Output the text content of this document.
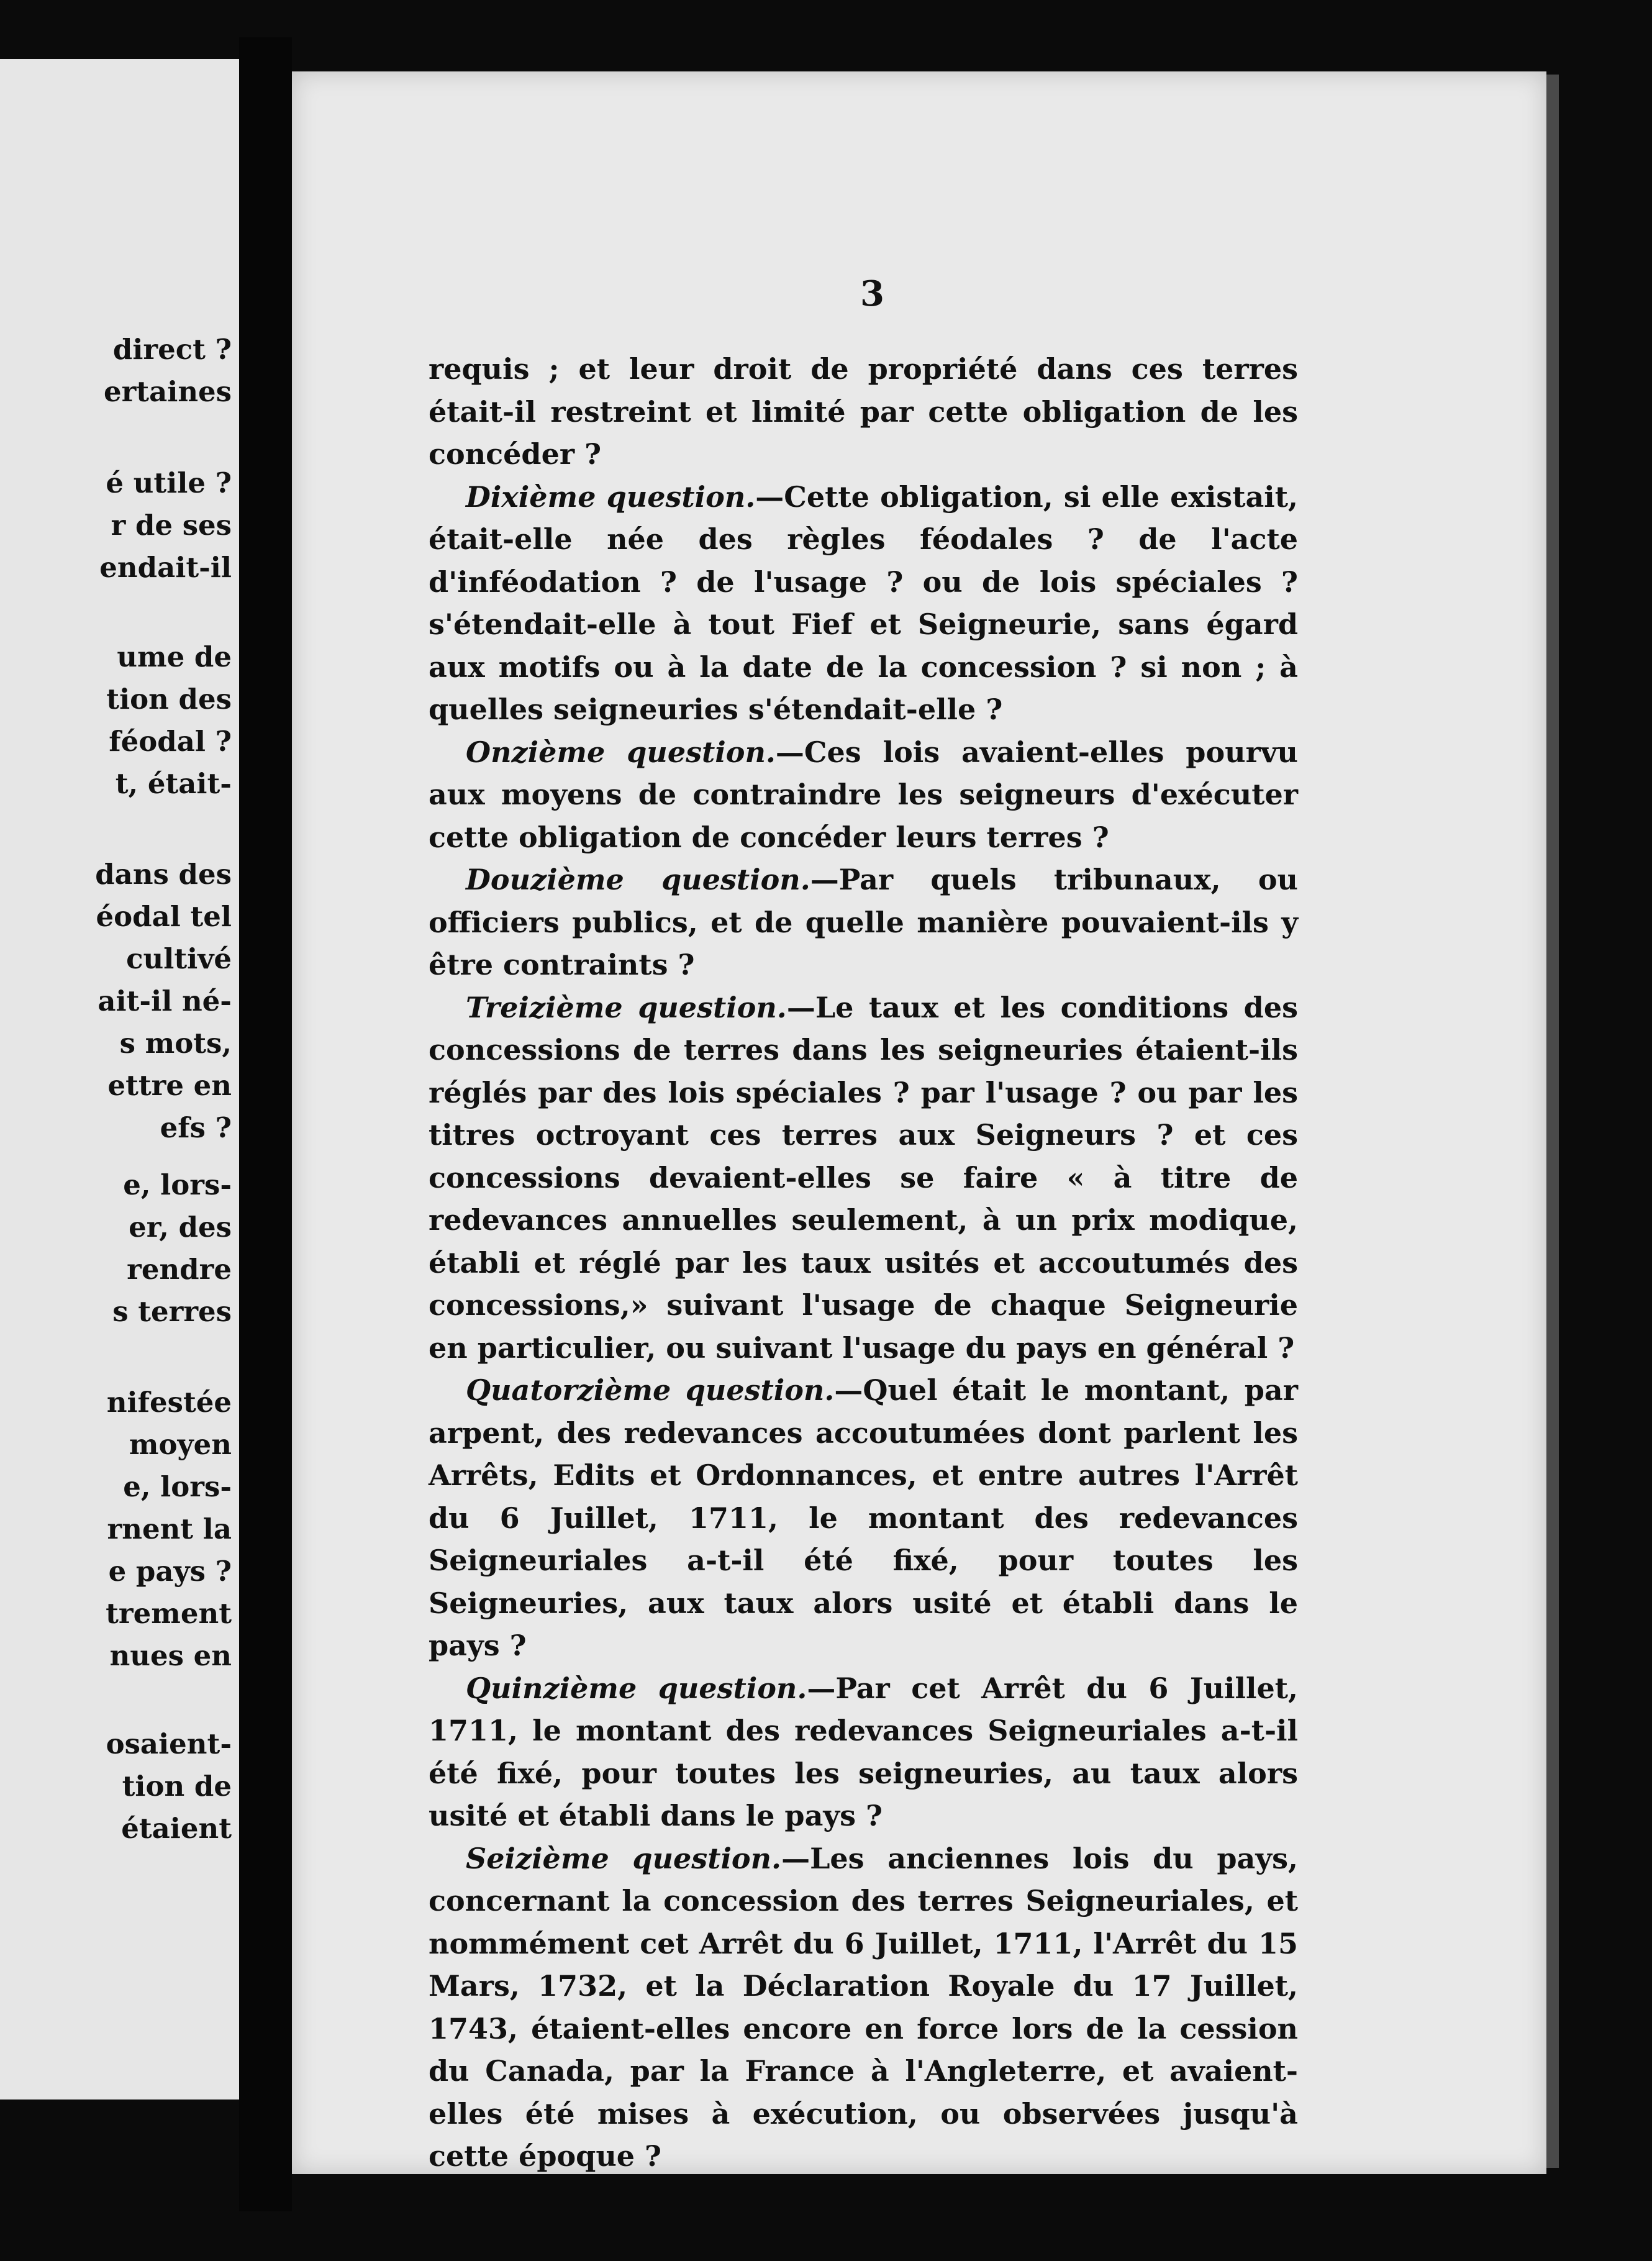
direct ?
ertaines
é utile ?
r de ses
endait-il
ume de
tion des
féodal ?
t, était-
dans des
éodal tel
cultivé
ait-il né-
s mots,
ettre en
efs ?
e, lors-
er, des
rendre
s terres
nifestée
moyen
e, lors-
rnent la
e pays ?
trement
nues en
osaient-
tion de
étaient
3

requis ; et leur droit de propriété dans ces terres était-il restreint et limité par cette obligation de les concéder ?

Dixième question.—Cette obligation, si elle existait, était-elle née des règles féodales ? de l'acte d'inféodation ? de l'usage ? ou de lois spéciales ? s'étendait-elle à tout Fief et Seigneurie, sans égard aux motifs ou à la date de la concession ? si non ; à quelles seigneuries s'étendait-elle ?

Onzième question.—Ces lois avaient-elles pourvu aux moyens de contraindre les seigneurs d'exécuter cette obligation de concéder leurs terres ?

Douzième question.—Par quels tribunaux, ou officiers publics, et de quelle manière pouvaient-ils y être contraints ?

Treizième question.—Le taux et les conditions des concessions de terres dans les seigneuries étaient-ils réglés par des lois spéciales ? par l'usage ? ou par les titres octroyant ces terres aux Seigneurs ? et ces concessions devaient-elles se faire « à titre de redevances annuelles seulement, à un prix modique, établi et réglé par les taux usités et accoutumés des concessions,» suivant l'usage de chaque Seigneurie en particulier, ou suivant l'usage du pays en général ?

Quatorzième question.—Quel était le montant, par arpent, des redevances accoutumées dont parlent les Arrêts, Edits et Ordonnances, et entre autres l'Arrêt du 6 Juillet, 1711, le montant des redevances Seigneuriales a-t-il été fixé, pour toutes les Seigneuries, aux taux alors usité et établi dans le pays ?

Quinzième question.—Par cet Arrêt du 6 Juillet, 1711, le montant des redevances Seigneuriales a-t-il été fixé, pour toutes les seigneuries, au taux alors usité et établi dans le pays ?

Seizième question.—Les anciennes lois du pays, concernant la concession des terres Seigneuriales, et nommément cet Arrêt du 6 Juillet, 1711, l'Arrêt du 15 Mars, 1732, et la Déclaration Royale du 17 Juillet, 1743, étaient-elles encore en force lors de la cession du Canada, par la France à l'Angleterre, et avaient-elles été mises à exécution, ou observées jusqu'à cette époque ?
